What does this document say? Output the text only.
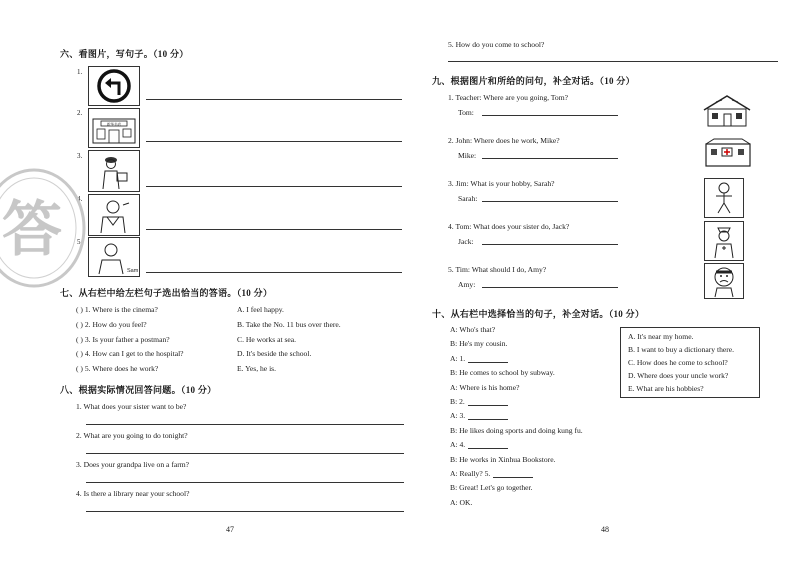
六、看图片，写句子。（10 分）
1.
2.
新华书店
3.
4.
5.
Sam
答
七、从右栏中给左栏句子选出恰当的答语。（10 分）
( ) 1. Where is the cinema?
( ) 2. How do you feel?
( ) 3. Is your father a postman?
( ) 4. How can I get to the hospital?
( ) 5. Where does he work?
A. I feel happy.
B. Take the No. 11 bus over there.
C. He works at sea.
D. It's beside the school.
E. Yes, he is.
八、根据实际情况回答问题。（10 分）
1. What does your sister want to be?
2. What are you going to do tonight?
3. Does your grandpa live on a farm?
4. Is there a library near your school?
47
5. How do you come to school?
九、根据图片和所给的问句，补全对话。（10 分）
1. Teacher: Where are you going, Tom?
Tom:
2. John: Where does he work, Mike?
Mike:
3. Jim: What is your hobby, Sarah?
Sarah:
4. Tom: What does your sister do, Jack?
Jack:
5. Tim: What should I do, Amy?
Amy:
十、从右栏中选择恰当的句子，补全对话。（10 分）
A: Who's that?
B: He's my cousin.
A: 1.
B: He comes to school by subway.
A: Where is his home?
B: 2.
A: 3.
B: He likes doing sports and doing kung fu.
A: 4.
B: He works in Xinhua Bookstore.
A: Really? 5.
B: Great! Let's go together.
A: OK.
A. It's near my home.
B. I want to buy a dictionary there.
C. How does he come to school?
D. Where does your uncle work?
E. What are his hobbies?
48
